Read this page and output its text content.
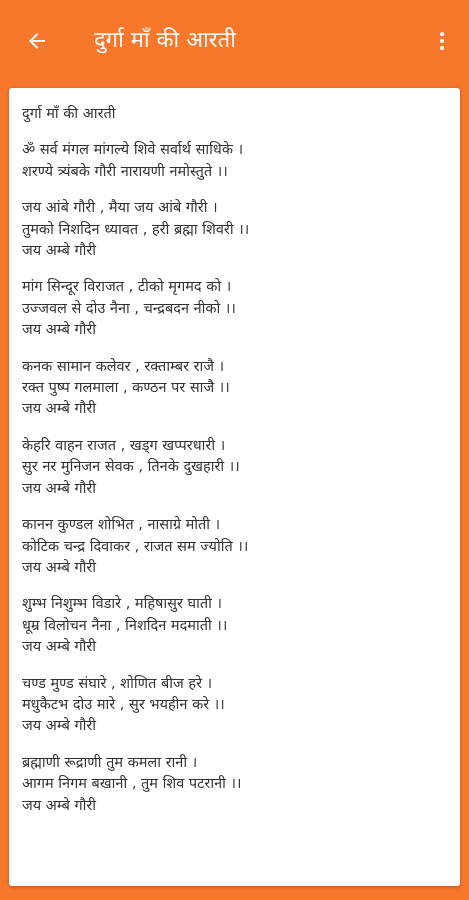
दुर्गा माँ की आरती
दुर्गा माँ की आरती
ॐ सर्व मंगल मांगल्ये शिवे सर्वार्थ साधिके ।
शरण्ये त्र्यंबके गौरी नारायणी नमोस्तुते ।।
जय आंबे गौरी , मैया जय आंबे गौरी ।
तुमको निशदिन ध्यावत , हरी ब्रह्मा शिवरी ।।
जय अम्बे गौरी
मांग सिन्दूर विराजत , टीको मृगमद को ।
उज्जवल से दोउ नैना , चन्द्रबदन नीको ।।
जय अम्बे गौरी
कनक सामान कलेवर , रक्ताम्बर राजै ।
रक्त पुष्प गलमाला , कण्ठन पर साजै ।।
जय अम्बे गौरी
केहरि वाहन राजत , खड्ग खप्परधारी ।
सुर नर मुनिजन सेवक , तिनके दुखहारी ।।
जय अम्बे गौरी
कानन कुण्डल शोभित , नासाग्रे मोती ।
कोटिक चन्द्र दिवाकर , राजत सम ज्योति ।।
जय अम्बे गौरी
शुम्भ निशुम्भ विडारे , महिषासुर घाती ।
धूम्र विलोचन नैना , निशदिन मदमाती ।।
जय अम्बे गौरी
चण्ड मुण्ड संघारे , शोणित बीज हरे ।
मधुकैटभ दोउ मारे , सुर भयहीन करे ।।
जय अम्बे गौरी
ब्रह्माणी रूद्राणी तुम कमला रानी ।
आगम निगम बखानी , तुम शिव पटरानी ।।
जय अम्बे गौरी
